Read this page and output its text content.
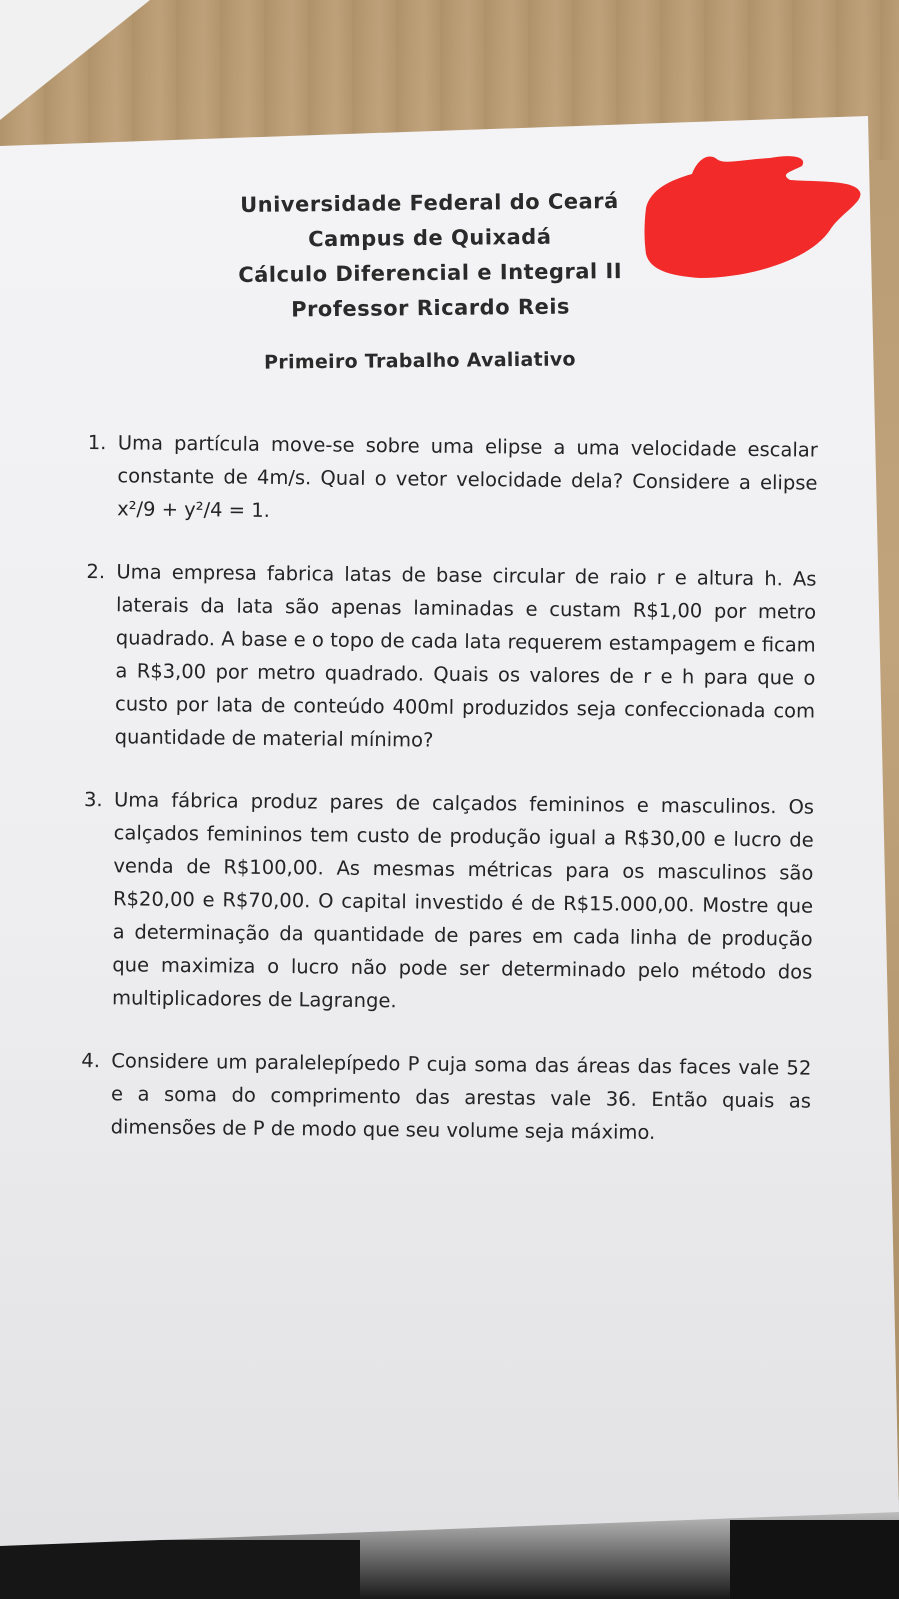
Universidade Federal do Ceará
Campus de Quixadá
Cálculo Diferencial e Integral II
Professor Ricardo Reis
Primeiro Trabalho Avaliativo
1. Uma partícula move-se sobre uma elipse a uma velocidade escalar constante de 4m/s. Qual o vetor velocidade dela? Considere a elipse x²/9 + y²/4 = 1.
2. Uma empresa fabrica latas de base circular de raio r e altura h. As laterais da lata são apenas laminadas e custam R$1,00 por metro quadrado. A base e o topo de cada lata requerem estampagem e ficam a R$3,00 por metro quadrado. Quais os valores de r e h para que o custo por lata de conteúdo 400ml produzidos seja confeccionada com quantidade de material mínimo?
3. Uma fábrica produz pares de calçados femininos e masculinos. Os calçados femininos tem custo de produção igual a R$30,00 e lucro de venda de R$100,00. As mesmas métricas para os masculinos são R$20,00 e R$70,00. O capital investido é de R$15.000,00. Mostre que a determinação da quantidade de pares em cada linha de produção que maximiza o lucro não pode ser determinado pelo método dos multiplicadores de Lagrange.
4. Considere um paralelepípedo P cuja soma das áreas das faces vale 52 e a soma do comprimento das arestas vale 36. Então quais as dimensões de P de modo que seu volume seja máximo.
